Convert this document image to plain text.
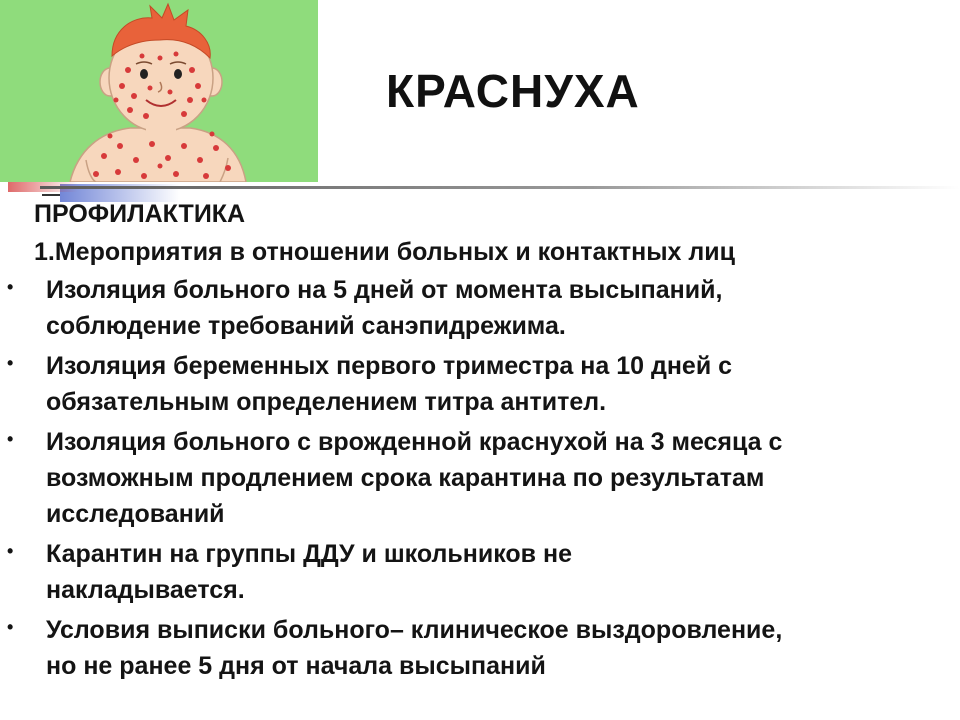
КРАСНУХА
ПРОФИЛАКТИКА
1.Мероприятия в отношении больных и контактных лиц
• Изоляция больного на 5 дней от момента высыпаний,
соблюдение требований санэпидрежима.
• Изоляция беременных первого триместра на 10 дней с
обязательным определением титра антител.
• Изоляция больного с врожденной краснухой на 3 месяца с
возможным продлением срока карантина по результатам
исследований
• Карантин на группы ДДУ и школьников не
накладывается.
• Условия выписки больного– клиническое выздоровление,
но не ранее 5 дня от начала высыпаний
